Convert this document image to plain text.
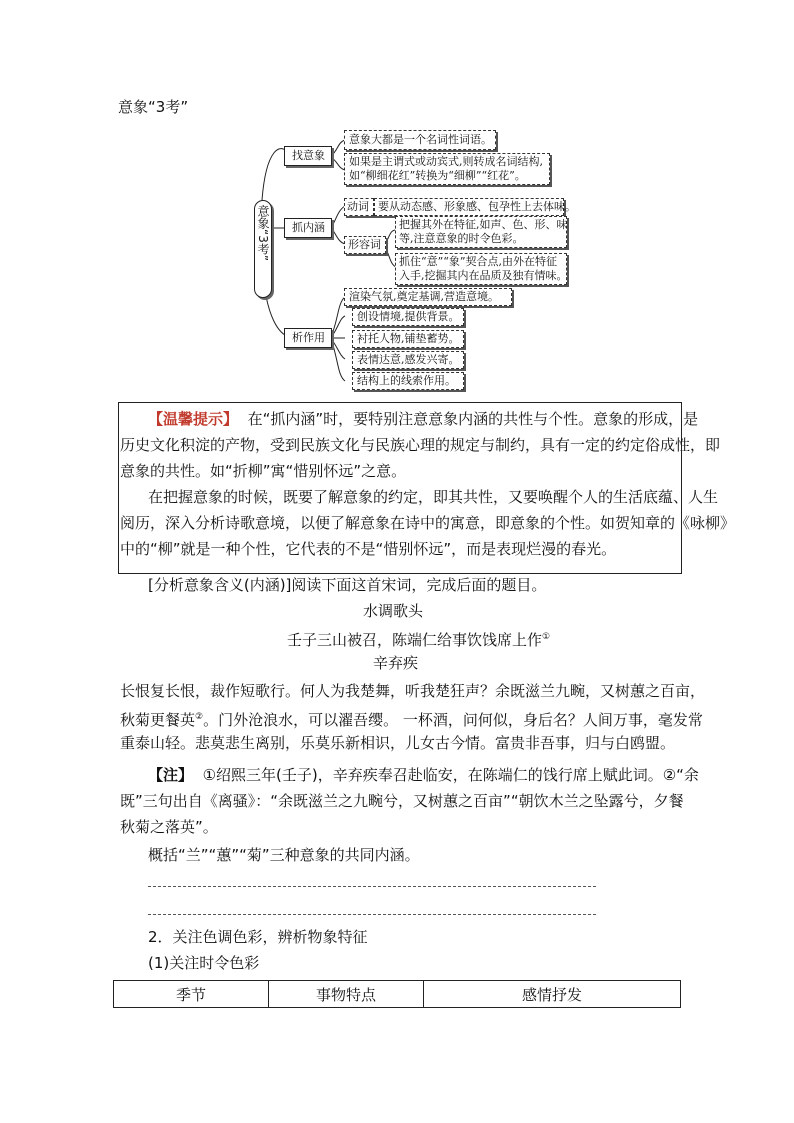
意象“3考”
意象“3考”
找意象
意象大都是一个名词性词语。
如果是主谓式或动宾式,则转成名词结构,
如“柳细花红”转换为“细柳”“红花”。
抓内涵
动词 要从动态感、形象感、包孕性上去体味。
形容词
把握其外在特征,如声、色、形、味
等,注意意象的时令色彩。
抓住“意”“象”契合点,由外在特征
入手,挖掘其内在品质及独有情味。
析作用
渲染气氛,奠定基调,营造意境。
创设情境,提供背景。
衬托人物,铺垫蓄势。
表情达意,感发兴寄。
结构上的线索作用。
【温馨提示】 在“抓内涵”时，要特别注意意象内涵的共性与个性。意象的形成，是
历史文化积淀的产物，受到民族文化与民族心理的规定与制约，具有一定的约定俗成性，即
意象的共性。如“折柳”寓“惜别怀远”之意。
在把握意象的时候，既要了解意象的约定，即其共性，又要唤醒个人的生活底蕴、人生
阅历，深入分析诗歌意境，以便了解意象在诗中的寓意，即意象的个性。如贺知章的《咏柳》
中的“柳”就是一种个性，它代表的不是“惜别怀远”，而是表现烂漫的春光。
[分析意象含义(内涵)]阅读下面这首宋词，完成后面的题目。
水调歌头
壬子三山被召，陈端仁给事饮饯席上作①
辛弃疾
长恨复长恨，裁作短歌行。何人为我楚舞，听我楚狂声？余既滋兰九畹，又树蕙之百亩，
秋菊更餐英②。门外沧浪水，可以濯吾缨。 一杯酒，问何似，身后名？人间万事，毫发常
重泰山轻。悲莫悲生离别，乐莫乐新相识，儿女古今情。富贵非吾事，归与白鸥盟。
【注】 ①绍熙三年(壬子)，辛弃疾奉召赴临安，在陈端仁的饯行席上赋此词。②“余
既”三句出自《离骚》：“余既滋兰之九畹兮，又树蕙之百亩”“朝饮木兰之坠露兮，夕餐
秋菊之落英”。
概括“兰”“蕙”“菊”三种意象的共同内涵。
2．关注色调色彩，辨析物象特征
(1)关注时令色彩
季节	事物特点	感情抒发
